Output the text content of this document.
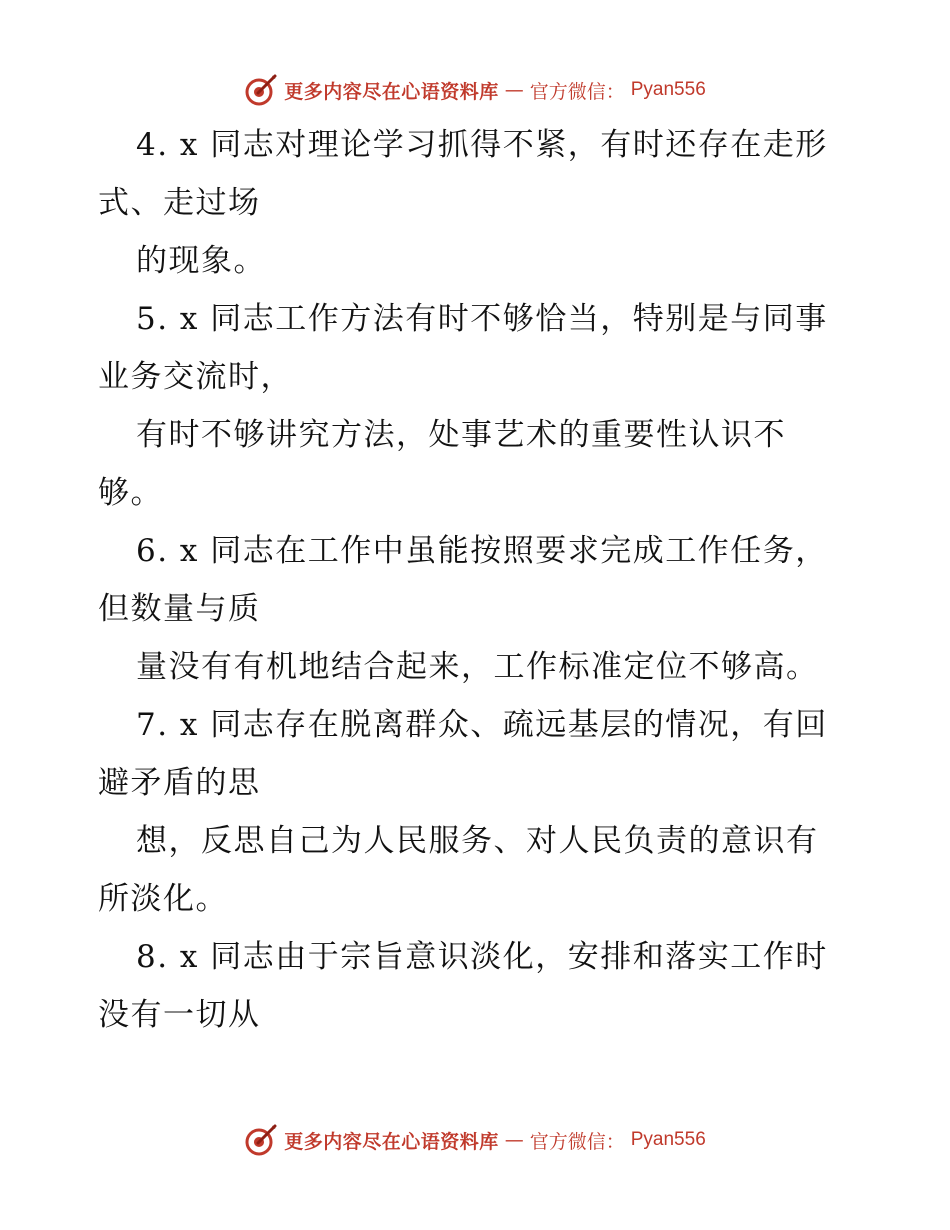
更多内容尽在心语资料库 — 官方微信： Pyan556
4. x 同志对理论学习抓得不紧，有时还存在走形
式、走过场
的现象。
5. x 同志工作方法有时不够恰当，特别是与同事
业务交流时，
有时不够讲究方法，处事艺术的重要性认识不
够。
6. x 同志在工作中虽能按照要求完成工作任务，
但数量与质
量没有有机地结合起来，工作标准定位不够高。
7. x 同志存在脱离群众、疏远基层的情况，有回
避矛盾的思
想，反思自己为人民服务、对人民负责的意识有
所淡化。
8. x 同志由于宗旨意识淡化，安排和落实工作时
没有一切从
更多内容尽在心语资料库 — 官方微信： Pyan556
